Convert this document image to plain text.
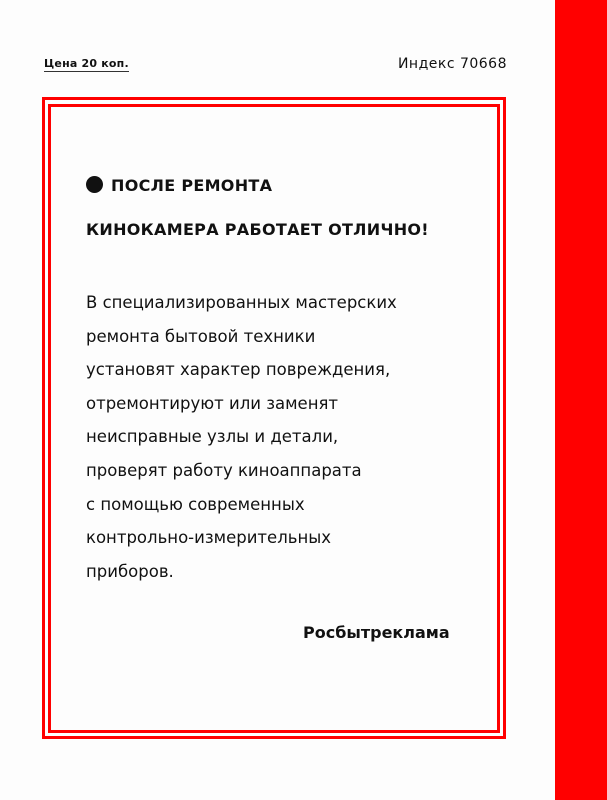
Цена 20 коп.	Индекс 70668
ПОСЛЕ РЕМОНТА
КИНОКАМЕРА РАБОТАЕТ ОТЛИЧНО!
В специализированных мастерских
ремонта бытовой техники
установят характер повреждения,
отремонтируют или заменят
неисправные узлы и детали,
проверят работу киноаппарата
с помощью современных
контрольно-измерительных
приборов.
Росбытреклама
